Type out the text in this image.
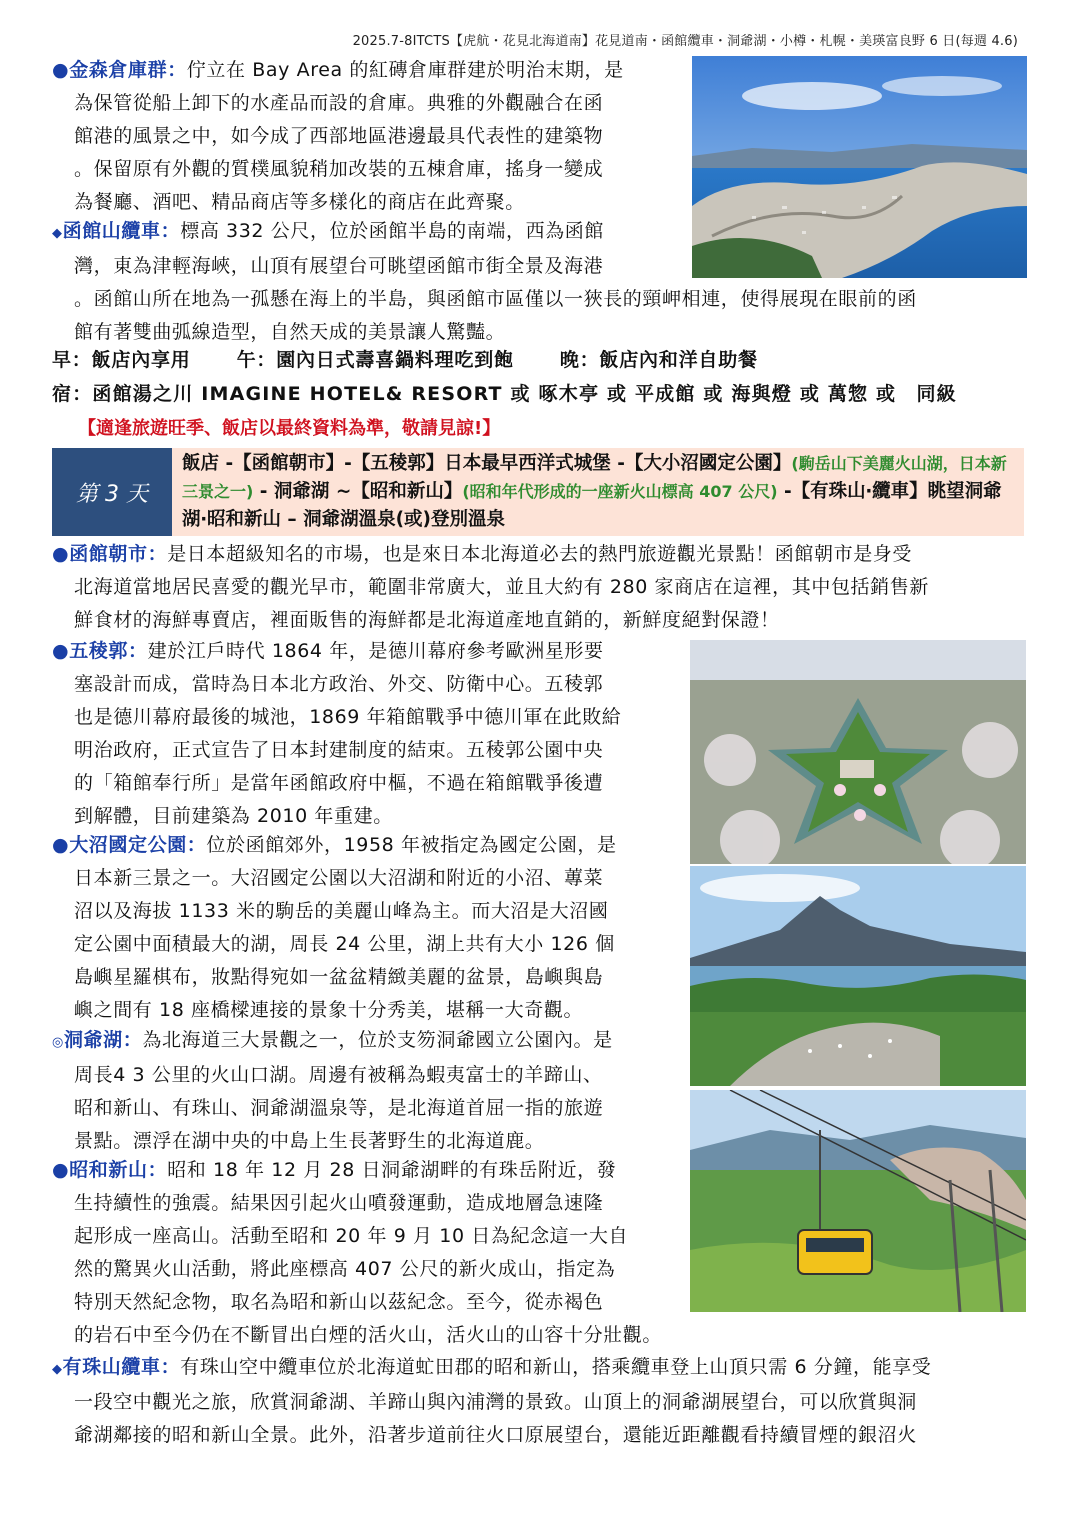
2025.7-8ITCTS【虎航・花見北海道南】花見道南・函館纜車・洞爺湖・小樽・札幌・美瑛富良野 6 日(每週 4.6)
●金森倉庫群：佇立在 Bay Area 的紅磚倉庫群建於明治末期，是
為保管從船上卸下的水產品而設的倉庫。典雅的外觀融合在函
館港的風景之中，如今成了西部地區港邊最具代表性的建築物
。保留原有外觀的質樸風貌稍加改裝的五棟倉庫，搖身一變成
為餐廳、酒吧、精品商店等多樣化的商店在此齊聚。
◆函館山纜車：標高 332 公尺，位於函館半島的南端，西為函館
灣，東為津輕海峽，山頂有展望台可眺望函館市街全景及海港
。函館山所在地為一孤懸在海上的半島，與函館市區僅以一狹長的頸岬相連，使得展現在眼前的函
館有著雙曲弧線造型，自然天成的美景讓人驚豔。
早：飯店內享用 午：園內日式壽喜鍋料理吃到飽 晚：飯店內和洋自助餐
宿：函館湯之川 IMAGINE HOTEL& RESORT 或 啄木亭 或 平成館 或 海與燈 或 萬惣 或　同級
【適逢旅遊旺季、飯店以最終資料為準，敬請見諒!】
第 3 天
飯店 -【函館朝市】-【五稜郭】日本最早西洋式城堡 -【大小沼國定公園】(駒岳山下美麗火山湖，日本新三景之一) - 洞爺湖 ~【昭和新山】(昭和年代形成的一座新火山標高 407 公尺) -【有珠山‧纜車】眺望洞爺湖‧昭和新山 – 洞爺湖溫泉(或)登別溫泉
●函館朝市：是日本超級知名的市場，也是來日本北海道必去的熱門旅遊觀光景點！函館朝市是身受
北海道當地居民喜愛的觀光早市，範圍非常廣大，並且大約有 280 家商店在這裡，其中包括銷售新
鮮食材的海鮮專賣店，裡面販售的海鮮都是北海道產地直銷的，新鮮度絕對保證！
●五稜郭：建於江戶時代 1864 年，是德川幕府參考歐洲星形要
塞設計而成，當時為日本北方政治、外交、防衛中心。五稜郭
也是德川幕府最後的城池，1869 年箱館戰爭中德川軍在此敗給
明治政府，正式宣告了日本封建制度的結束。五稜郭公園中央
的「箱館奉行所」是當年函館政府中樞，不過在箱館戰爭後遭
到解體，目前建築為 2010 年重建。
●大沼國定公園：位於函館郊外，1958 年被指定為國定公園，是
日本新三景之一。大沼國定公園以大沼湖和附近的小沼、蓴菜
沼以及海拔 1133 米的駒岳的美麗山峰為主。而大沼是大沼國
定公園中面積最大的湖，周長 24 公里，湖上共有大小 126 個
島嶼星羅棋布，妝點得宛如一盆盆精緻美麗的盆景，島嶼與島
嶼之間有 18 座橋樑連接的景象十分秀美，堪稱一大奇觀。
◎洞爺湖：為北海道三大景觀之一，位於支笏洞爺國立公園內。是
周長4 3 公里的火山口湖。周邊有被稱為蝦夷富士的羊蹄山、
昭和新山、有珠山、洞爺湖溫泉等，是北海道首屈一指的旅遊
景點。漂浮在湖中央的中島上生長著野生的北海道鹿。
●昭和新山：昭和 18 年 12 月 28 日洞爺湖畔的有珠岳附近，發
生持續性的強震。結果因引起火山噴發運動，造成地層急速隆
起形成一座高山。活動至昭和 20 年 9 月 10 日為紀念這一大自
然的驚異火山活動，將此座標高 407 公尺的新火成山，指定為
特別天然紀念物，取名為昭和新山以茲紀念。至今，從赤褐色
的岩石中至今仍在不斷冒出白煙的活火山，活火山的山容十分壯觀。
◆有珠山纜車：有珠山空中纜車位於北海道虻田郡的昭和新山，搭乘纜車登上山頂只需 6 分鐘，能享受
一段空中觀光之旅，欣賞洞爺湖、羊蹄山與內浦灣的景致。山頂上的洞爺湖展望台，可以欣賞與洞
爺湖鄰接的昭和新山全景。此外，沿著步道前往火口原展望台，還能近距離觀看持續冒煙的銀沼火
